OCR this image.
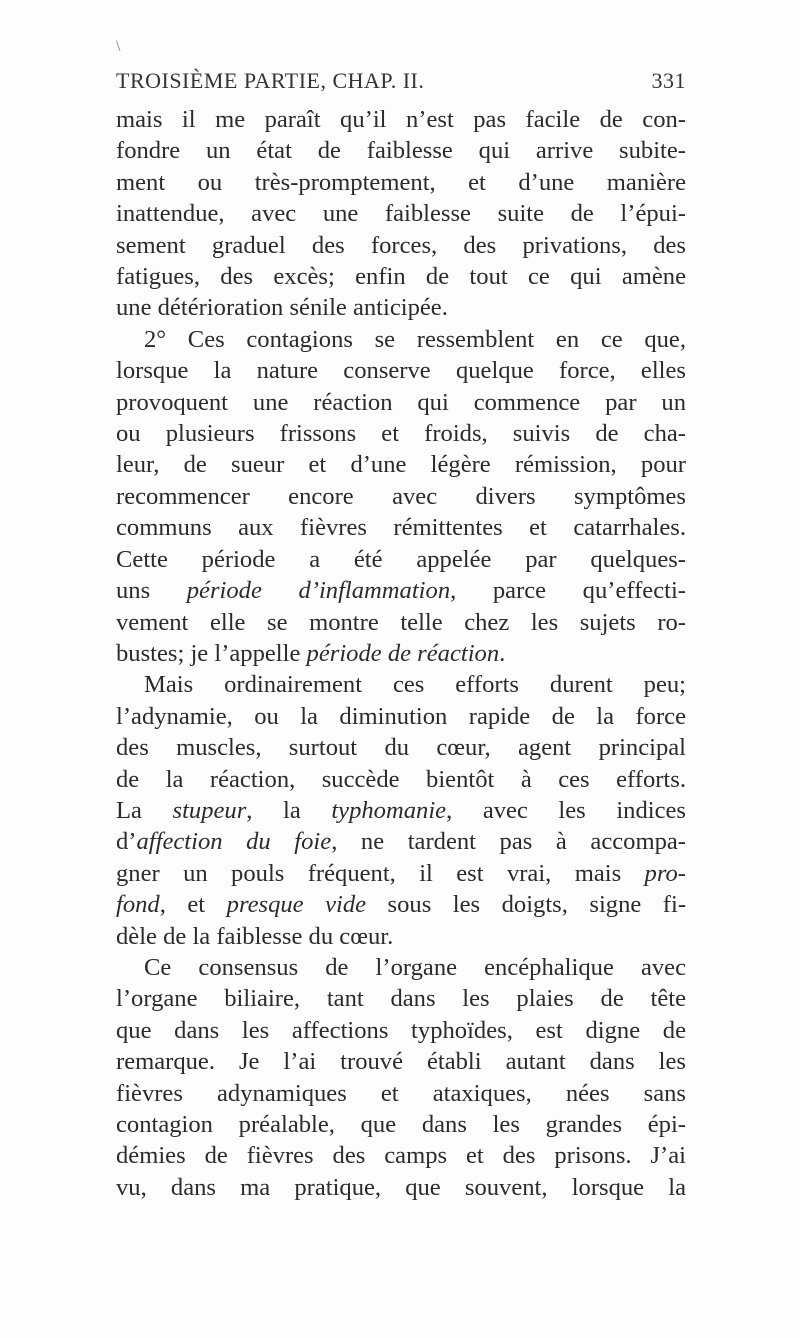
\
TROISIÈME PARTIE, CHAP. II.	331
mais il me paraît qu’il n’est pas facile de con-
fondre un état de faiblesse qui arrive subite-
ment ou très-promptement, et d’une manière
inattendue, avec une faiblesse suite de l’épui-
sement graduel des forces, des privations, des
fatigues, des excès; enfin de tout ce qui amène
une détérioration sénile anticipée.
2° Ces contagions se ressemblent en ce que,
lorsque la nature conserve quelque force, elles
provoquent une réaction qui commence par un
ou plusieurs frissons et froids, suivis de cha-
leur, de sueur et d’une légère rémission, pour
recommencer encore avec divers symptômes
communs aux fièvres rémittentes et catarrhales.
Cette période a été appelée par quelques-
uns période d’inflammation, parce qu’effecti-
vement elle se montre telle chez les sujets ro-
bustes; je l’appelle période de réaction.
Mais ordinairement ces efforts durent peu;
l’adynamie, ou la diminution rapide de la force
des muscles, surtout du cœur, agent principal
de la réaction, succède bientôt à ces efforts.
La stupeur, la typhomanie, avec les indices
d’affection du foie, ne tardent pas à accompa-
gner un pouls fréquent, il est vrai, mais pro-
fond, et presque vide sous les doigts, signe fi-
dèle de la faiblesse du cœur.
Ce consensus de l’organe encéphalique avec
l’organe biliaire, tant dans les plaies de tête
que dans les affections typhoïdes, est digne de
remarque. Je l’ai trouvé établi autant dans les
fièvres adynamiques et ataxiques, nées sans
contagion préalable, que dans les grandes épi-
démies de fièvres des camps et des prisons. J’ai
vu, dans ma pratique, que souvent, lorsque la
